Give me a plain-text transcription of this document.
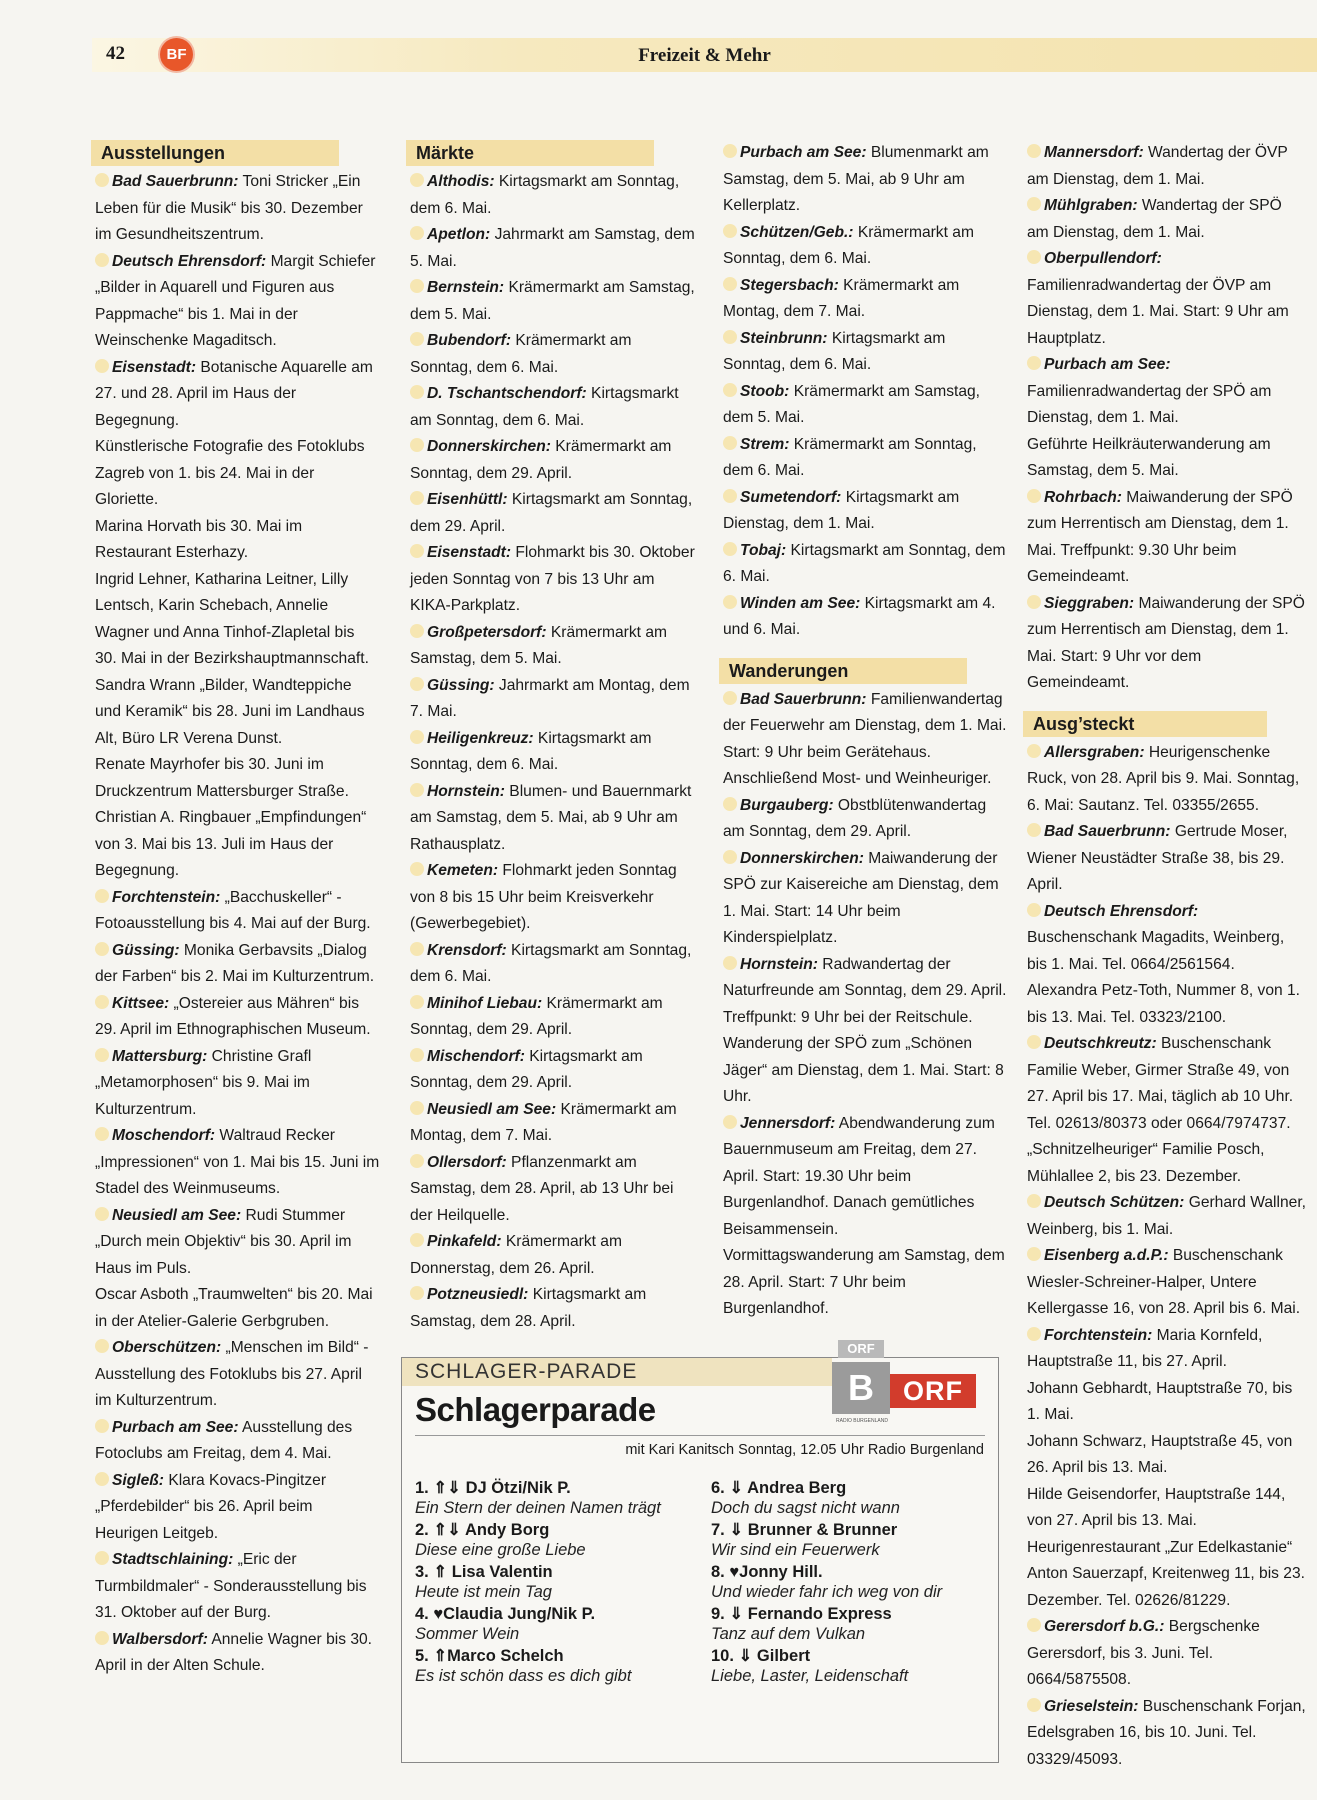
42	BF	Freizeit & Mehr
Ausstellungen

Bad Sauerbrunn: Toni Stricker „Ein Leben für die Musik“ bis 30. Dezember im Gesundheitszentrum.

Deutsch Ehrensdorf: Margit Schiefer „Bilder in Aquarell und Figuren aus Pappmache“ bis 1. Mai in der Weinschenke Magaditsch.

Eisenstadt: Botanische Aquarelle am 27. und 28. April im Haus der Begegnung.

Künstlerische Fotografie des Fotoklubs Zagreb von 1. bis 24. Mai in der Gloriette.

Marina Horvath bis 30. Mai im Restaurant Esterhazy.

Ingrid Lehner, Katharina Leitner, Lilly Lentsch, Karin Schebach, Annelie Wagner und Anna Tinhof-Zlapletal bis 30. Mai in der Bezirkshauptmannschaft.

Sandra Wrann „Bilder, Wandteppiche und Keramik“ bis 28. Juni im Landhaus Alt, Büro LR Verena Dunst.

Renate Mayrhofer bis 30. Juni im Druckzentrum Mattersburger Straße.

Christian A. Ringbauer „Empfindungen“ von 3. Mai bis 13. Juli im Haus der Begegnung.

Forchtenstein: „Bacchuskeller“ - Fotoausstellung bis 4. Mai auf der Burg.

Güssing: Monika Gerbavsits „Dialog der Farben“ bis 2. Mai im Kulturzentrum.

Kittsee: „Ostereier aus Mähren“ bis 29. April im Ethnographischen Museum.

Mattersburg: Christine Grafl „Metamorphosen“ bis 9. Mai im Kulturzentrum.

Moschendorf: Waltraud Recker „Impressionen“ von 1. Mai bis 15. Juni im Stadel des Weinmuseums.

Neusiedl am See: Rudi Stummer „Durch mein Objektiv“ bis 30. April im Haus im Puls.

Oscar Asboth „Traumwelten“ bis 20. Mai in der Atelier-Galerie Gerbgruben.

Oberschützen: „Menschen im Bild“ - Ausstellung des Fotoklubs bis 27. April im Kulturzentrum.

Purbach am See: Ausstellung des Fotoclubs am Freitag, dem 4. Mai.

Sigleß: Klara Kovacs-Pingitzer „Pferdebilder“ bis 26. April beim Heurigen Leitgeb.

Stadtschlaining: „Eric der Turmbildmaler“ - Sonderausstellung bis 31. Oktober auf der Burg.

Walbersdorf: Annelie Wagner bis 30. April in der Alten Schule.

Märkte

Althodis: Kirtagsmarkt am Sonntag, dem 6. Mai.

Apetlon: Jahrmarkt am Samstag, dem 5. Mai.

Bernstein: Krämermarkt am Samstag, dem 5. Mai.

Bubendorf: Krämermarkt am Sonntag, dem 6. Mai.

D. Tschantschendorf: Kirtagsmarkt am Sonntag, dem 6. Mai.

Donnerskirchen: Krämermarkt am Sonntag, dem 29. April.

Eisenhüttl: Kirtagsmarkt am Sonntag, dem 29. April.

Eisenstadt: Flohmarkt bis 30. Oktober jeden Sonntag von 7 bis 13 Uhr am KIKA-Parkplatz.

Großpetersdorf: Krämermarkt am Samstag, dem 5. Mai.

Güssing: Jahrmarkt am Montag, dem 7. Mai.

Heiligenkreuz: Kirtagsmarkt am Sonntag, dem 6. Mai.

Hornstein: Blumen- und Bauernmarkt am Samstag, dem 5. Mai, ab 9 Uhr am Rathausplatz.

Kemeten: Flohmarkt jeden Sonntag von 8 bis 15 Uhr beim Kreisverkehr (Gewerbegebiet).

Krensdorf: Kirtagsmarkt am Sonntag, dem 6. Mai.

Minihof Liebau: Krämermarkt am Sonntag, dem 29. April.

Mischendorf: Kirtagsmarkt am Sonntag, dem 29. April.

Neusiedl am See: Krämermarkt am Montag, dem 7. Mai.

Ollersdorf: Pflanzenmarkt am Samstag, dem 28. April, ab 13 Uhr bei der Heilquelle.

Pinkafeld: Krämermarkt am Donnerstag, dem 26. April.

Potzneusiedl: Kirtagsmarkt am Samstag, dem 28. April.

Purbach am See: Blumenmarkt am Samstag, dem 5. Mai, ab 9 Uhr am Kellerplatz.

Schützen/Geb.: Krämermarkt am Sonntag, dem 6. Mai.

Stegersbach: Krämermarkt am Montag, dem 7. Mai.

Steinbrunn: Kirtagsmarkt am Sonntag, dem 6. Mai.

Stoob: Krämermarkt am Samstag, dem 5. Mai.

Strem: Krämermarkt am Sonntag, dem 6. Mai.

Sumetendorf: Kirtagsmarkt am Dienstag, dem 1. Mai.

Tobaj: Kirtagsmarkt am Sonntag, dem 6. Mai.

Winden am See: Kirtagsmarkt am 4. und 6. Mai.

Wanderungen

Bad Sauerbrunn: Familienwandertag der Feuerwehr am Dienstag, dem 1. Mai. Start: 9 Uhr beim Gerätehaus. Anschließend Most- und Weinheuriger.

Burgauberg: Obstblütenwandertag am Sonntag, dem 29. April.

Donnerskirchen: Maiwanderung der SPÖ zur Kaisereiche am Dienstag, dem 1. Mai. Start: 14 Uhr beim Kinderspielplatz.

Hornstein: Radwandertag der Naturfreunde am Sonntag, dem 29. April. Treffpunkt: 9 Uhr bei der Reitschule.

Wanderung der SPÖ zum „Schönen Jäger“ am Dienstag, dem 1. Mai. Start: 8 Uhr.

Jennersdorf: Abendwanderung zum Bauernmuseum am Freitag, dem 27. April. Start: 19.30 Uhr beim Burgenlandhof. Danach gemütliches Beisammensein.

Vormittagswanderung am Samstag, dem 28. April. Start: 7 Uhr beim Burgenlandhof.

Mannersdorf: Wandertag der ÖVP am Dienstag, dem 1. Mai.

Mühlgraben: Wandertag der SPÖ am Dienstag, dem 1. Mai.

Oberpullendorf: Familienradwandertag der ÖVP am Dienstag, dem 1. Mai. Start: 9 Uhr am Hauptplatz.

Purbach am See: Familienradwandertag der SPÖ am Dienstag, dem 1. Mai.

Geführte Heilkräuterwanderung am Samstag, dem 5. Mai.

Rohrbach: Maiwanderung der SPÖ zum Herrentisch am Dienstag, dem 1. Mai. Treffpunkt: 9.30 Uhr beim Gemeindeamt.

Sieggraben: Maiwanderung der SPÖ zum Herrentisch am Dienstag, dem 1. Mai. Start: 9 Uhr vor dem Gemeindeamt.

Ausg’steckt

Allersgraben: Heurigenschenke Ruck, von 28. April bis 9. Mai. Sonntag, 6. Mai: Sautanz. Tel. 03355/2655.

Bad Sauerbrunn: Gertrude Moser, Wiener Neustädter Straße 38, bis 29. April.

Deutsch Ehrensdorf: Buschenschank Magadits, Weinberg, bis 1. Mai. Tel. 0664/2561564.

Alexandra Petz-Toth, Nummer 8, von 1. bis 13. Mai. Tel. 03323/2100.

Deutschkreutz: Buschenschank Familie Weber, Girmer Straße 49, von 27. April bis 17. Mai, täglich ab 10 Uhr. Tel. 02613/80373 oder 0664/7974737.

„Schnitzelheuriger“ Familie Posch, Mühlallee 2, bis 23. Dezember.

Deutsch Schützen: Gerhard Wallner, Weinberg, bis 1. Mai.

Eisenberg a.d.P.: Buschenschank Wiesler-Schreiner-Halper, Untere Kellergasse 16, von 28. April bis 6. Mai.

Forchtenstein: Maria Kornfeld, Hauptstraße 11, bis 27. April.

Johann Gebhardt, Hauptstraße 70, bis 1. Mai.

Johann Schwarz, Hauptstraße 45, von 26. April bis 13. Mai.

Hilde Geisendorfer, Hauptstraße 144, von 27. April bis 13. Mai.

Heurigenrestaurant „Zur Edelkastanie“ Anton Sauerzapf, Kreitenweg 11, bis 23. Dezember. Tel. 02626/81229.

Gerersdorf b.G.: Bergschenke Gerersdorf, bis 3. Juni. Tel. 0664/5875508.

Grieselstein: Buschenschank Forjan, Edelsgraben 16, bis 10. Juni. Tel. 03329/45093.

SCHLAGER-PARADE
Schlagerparade
mit Kari Kanitsch Sonntag, 12.05 Uhr Radio Burgenland
ORF
B	ORF
RADIO BURGENLAND
1. ⇑⇓ DJ Ötzi/Nik P.
Ein Stern der deinen Namen trägt
2. ⇑⇓ Andy Borg
Diese eine große Liebe
3. ⇑ Lisa Valentin
Heute ist mein Tag
4. ♥Claudia Jung/Nik P.
Sommer Wein
5. ⇑Marco Schelch
Es ist schön dass es dich gibt
6. ⇓ Andrea Berg
Doch du sagst nicht wann
7. ⇓ Brunner & Brunner
Wir sind ein Feuerwerk
8. ♥Jonny Hill.
Und wieder fahr ich weg von dir
9. ⇓ Fernando Express
Tanz auf dem Vulkan
10. ⇓ Gilbert
Liebe, Laster, Leidenschaft
